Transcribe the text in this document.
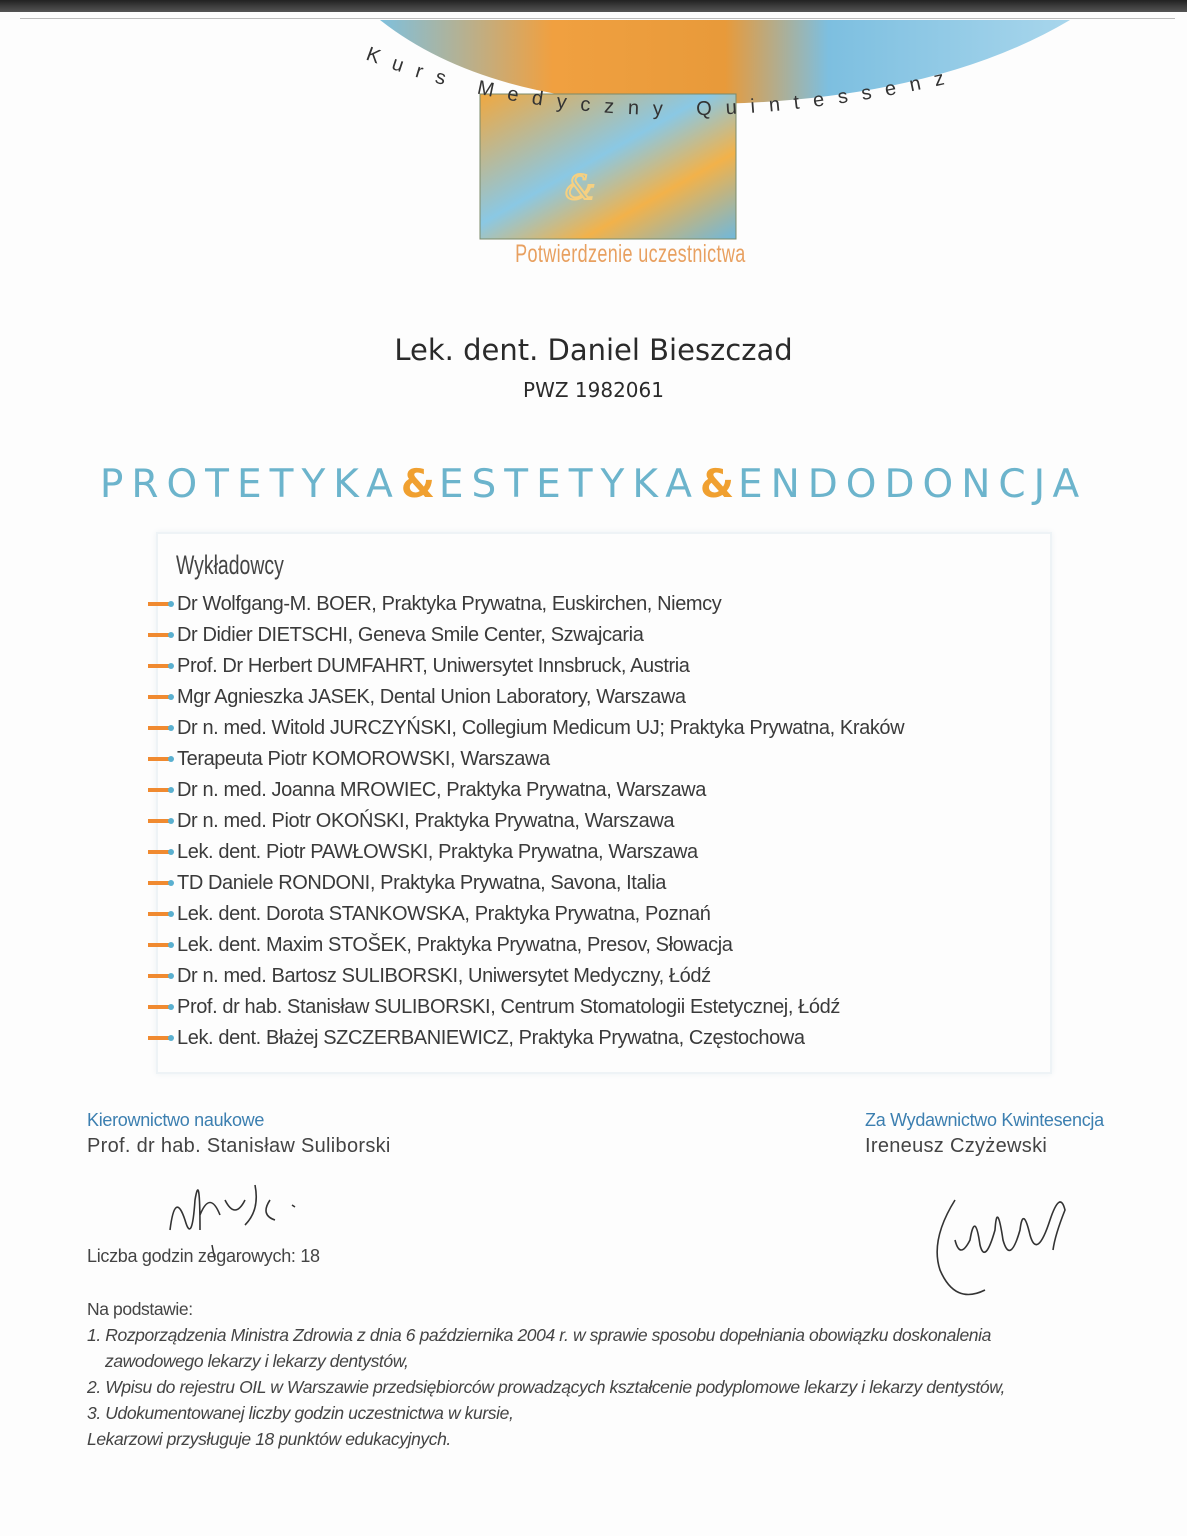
&
Kurs Medyczny Quintessenz
Potwierdzenie uczestnictwa
Lek. dent. Daniel Bieszczad
PWZ 1982061
PROTETYKA&ESTETYKA&ENDODONCJA
Wykładowcy
Dr Wolfgang-M. BOER, Praktyka Prywatna, Euskirchen, Niemcy
Dr Didier DIETSCHI, Geneva Smile Center, Szwajcaria
Prof. Dr Herbert DUMFAHRT, Uniwersytet Innsbruck, Austria
Mgr Agnieszka JASEK, Dental Union Laboratory, Warszawa
Dr n. med. Witold JURCZYŃSKI, Collegium Medicum UJ; Praktyka Prywatna, Kraków
Terapeuta Piotr KOMOROWSKI, Warszawa
Dr n. med. Joanna MROWIEC, Praktyka Prywatna, Warszawa
Dr n. med. Piotr OKOŃSKI, Praktyka Prywatna, Warszawa
Lek. dent. Piotr PAWŁOWSKI, Praktyka Prywatna, Warszawa
TD Daniele RONDONI, Praktyka Prywatna, Savona, Italia
Lek. dent. Dorota STANKOWSKA, Praktyka Prywatna, Poznań
Lek. dent. Maxim STOŠEK, Praktyka Prywatna, Presov, Słowacja
Dr n. med. Bartosz SULIBORSKI, Uniwersytet Medyczny, Łódź
Prof. dr hab. Stanisław SULIBORSKI, Centrum Stomatologii Estetycznej, Łódź
Lek. dent. Błażej SZCZERBANIEWICZ, Praktyka Prywatna, Częstochowa
Kierownictwo naukowe
Prof. dr hab. Stanisław Suliborski
Za Wydawnictwo Kwintesencja
Ireneusz Czyżewski
Liczba godzin zegarowych: 18
Na podstawie:
1. Rozporządzenia Ministra Zdrowia z dnia 6 października 2004 r. w sprawie sposobu dopełniania obowiązku doskonalenia
zawodowego lekarzy i lekarzy dentystów,
2. Wpisu do rejestru OIL w Warszawie przedsiębiorców prowadzących kształcenie podyplomowe lekarzy i lekarzy dentystów,
3. Udokumentowanej liczby godzin uczestnictwa w kursie,
Lekarzowi przysługuje 18 punktów edukacyjnych.
